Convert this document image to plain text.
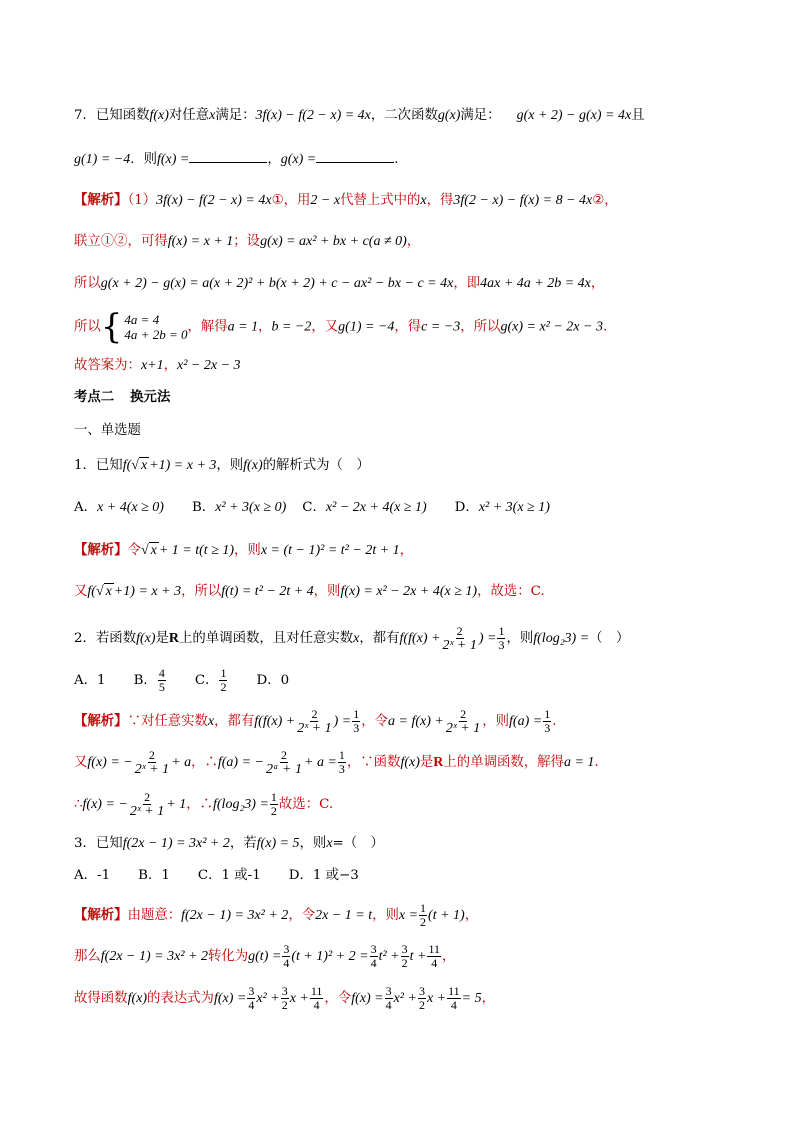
7．已知函数f(x)对任意x满足：3f(x) − f(2 − x) = 4x，二次函数g(x)满足： g(x + 2) − g(x) = 4x且
g(1) = −4．则f(x) =	，g(x) =	.
【解析】（1）3f(x) − f(2 − x) = 4x①，用2 − x代替上式中的x，得3f(2 − x) − f(x) = 8 − 4x②，
联立①②，可得f(x) = x + 1；设g(x) = ax² + bx + c(a ≠ 0)，
所以g(x + 2) − g(x) = a(x + 2)² + b(x + 2) + c − ax² − bx − c = 4x，即4ax + 4a + 2b = 4x，
所以 { 4a = 4
4a + 2b = 0 ，解得a = 1，b = −2，又g(1) = −4，得c = −3，所以g(x) = x² − 2x − 3.
故答案为：x+1，x² − 2x − 3
考点二 换元法
一、单选题
1．已知f(√ x +1) = x + 3，则f(x)的解析式为（　）
A．x + 4(x ≥ 0) B．x² + 3(x ≥ 0) C．x² − 2x + 4(x ≥ 1) D．x² + 3(x ≥ 1)
【解析】令√ x + 1 = t(t ≥ 1)，则x = (t − 1)² = t² − 2t + 1，
又f(√ x +1) = x + 3，所以f(t) = t² − 2t + 4，则f(x) = x² − 2x + 4(x ≥ 1)，故选：C.
2．若函数f(x)是R上的单调函数，且对任意实数x，都有$f(f(x) + \frac{2}{\text{2ˣ + 1}}$ ) = $\frac{1}{3}$ ，则f(log₂3) =（　）
A．1 B． $\frac{4}{5}$ C． $\frac{1}{2}$ D．0
【解析】∵对任意实数x，都有$f(f(x) + \frac{2}{\text{2ˣ + 1}}$ ) = $\frac{1}{3}$ ，令$a = f(x) + \frac{2}{\text{2ˣ + 1}}$ ，则$f(a) = \frac{1}{3}$ .
又f(x) = − $\frac{2}{\text{2ˣ + 1}} + a$，∴f(a) = − $\frac{2}{\text{2ᵃ + 1}} + a = \frac{1}{3}$ ，∵函数f(x)是R上的单调函数，解得a = 1.
∴f(x) = − $\frac{2}{\text{2ˣ + 1}} + 1$，∴f(log₂3) = $\frac{1}{2}$ 故选：C.
3．已知f(2x − 1) = 3x² + 2，若f(x) = 5，则x=（　）
A．-1 B．1 C．1 或-1 D．1 或−3
【解析】由题意：f(2x − 1) = 3x² + 2，令2x − 1 = t，则$x = \frac{1}{2} (t + 1)$，
那么f(2x − 1) = 3x² + 2转化为$g(t) = \frac{3}{4} (t + 1)^2 + 2 = \frac{3}{4} t^2 + \frac{3}{2}$ $t + \frac{11}{4}$ ，
故得函数f(x)的表达式为$f(x) = \frac{3}{4} x^2 + \frac{3}{2}$ $x + \frac{11}{4}$ ，令$f(x) = \frac{3}{4} x^2 + \frac{3}{2}$ $x + \frac{11}{4} = 5$，
